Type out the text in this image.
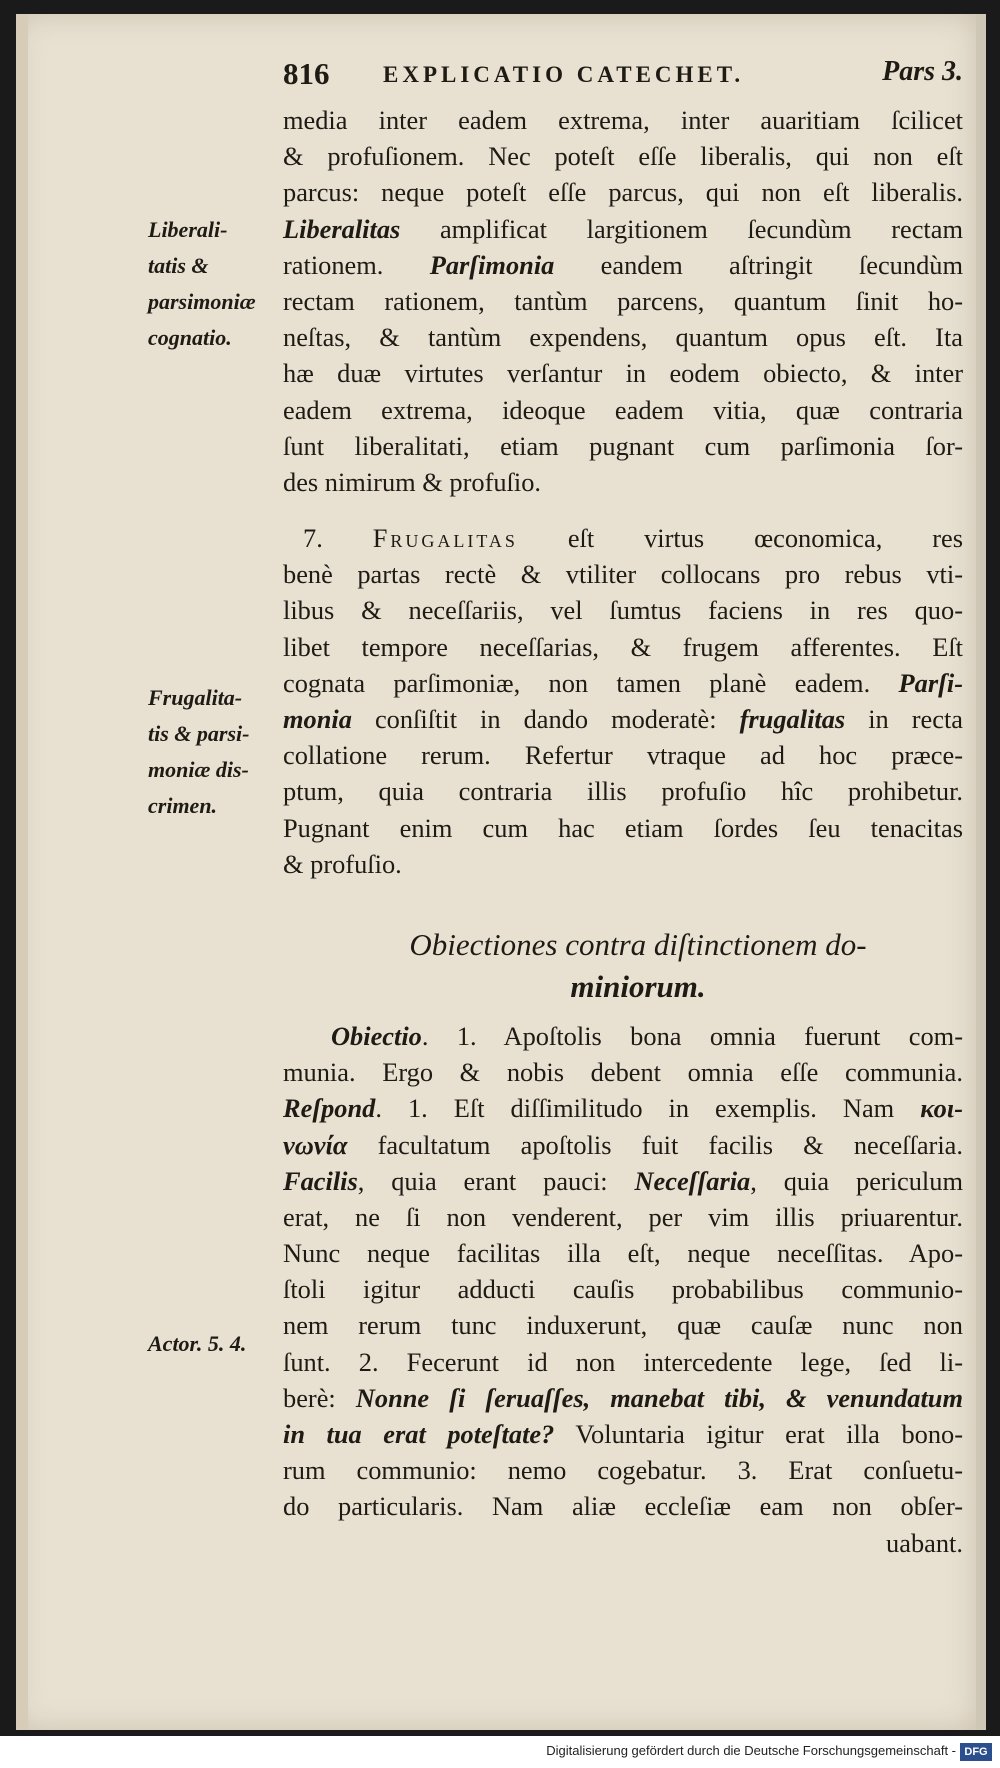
816 EXPLICATIO CATECHET.	Pars 3.
Liberali-
tatis &
parsimoniæ
cognatio.
Frugalita-
tis & parsi-
moniæ dis-
crimen.
Actor. 5. 4.
media inter eadem extrema, inter auaritiam ſcilicet
& profuſionem. Nec poteſt eſſe liberalis, qui non eſt
parcus: neque poteſt eſſe parcus, qui non eſt liberalis.
Liberalitas amplificat largitionem ſecundùm rectam
rationem. Parſimonia eandem aſtringit ſecundùm
rectam rationem, tantùm parcens, quantum ſinit ho-
neſtas, & tantùm expendens, quantum opus eſt. Ita
hæ duæ virtutes verſantur in eodem obiecto, & inter
eadem extrema, ideoque eadem vitia, quæ contraria
ſunt liberalitati, etiam pugnant cum parſimonia ſor-
des nimirum & profuſio.
7. Frugalitas eſt virtus œconomica, res
benè partas rectè & vtiliter collocans pro rebus vti-
libus & neceſſariis, vel ſumtus faciens in res quo-
libet tempore neceſſarias, & frugem afferentes. Eſt
cognata parſimoniæ, non tamen planè eadem. Parſi-
monia conſiſtit in dando moderatè: frugalitas in recta
collatione rerum. Refertur vtraque ad hoc præce-
ptum, quia contraria illis profuſio hîc prohibetur.
Pugnant enim cum hac etiam ſordes ſeu tenacitas
& profuſio.
Obiectiones contra diſtinctionem do-
miniorum.
Obiectio. 1. Apoſtolis bona omnia fuerunt com-
munia. Ergo & nobis debent omnia eſſe communia.
Reſpond. 1. Eſt diſſimilitudo in exemplis. Nam κοι-
νωνία facultatum apoſtolis fuit facilis & neceſſaria.
Facilis, quia erant pauci: Neceſſaria, quia periculum
erat, ne ſi non venderent, per vim illis priuarentur.
Nunc neque facilitas illa eſt, neque neceſſitas. Apo-
ſtoli igitur adducti cauſis probabilibus communio-
nem rerum tunc induxerunt, quæ cauſæ nunc non
ſunt. 2. Fecerunt id non intercedente lege, ſed li-
berè: Nonne ſi ſeruaſſes, manebat tibi, & venundatum
in tua erat poteſtate? Voluntaria igitur erat illa bono-
rum communio: nemo cogebatur. 3. Erat conſuetu-
do particularis. Nam aliæ eccleſiæ eam non obſer-
uabant.
Digitalisierung gefördert durch die Deutsche Forschungsgemeinschaft - DFG
